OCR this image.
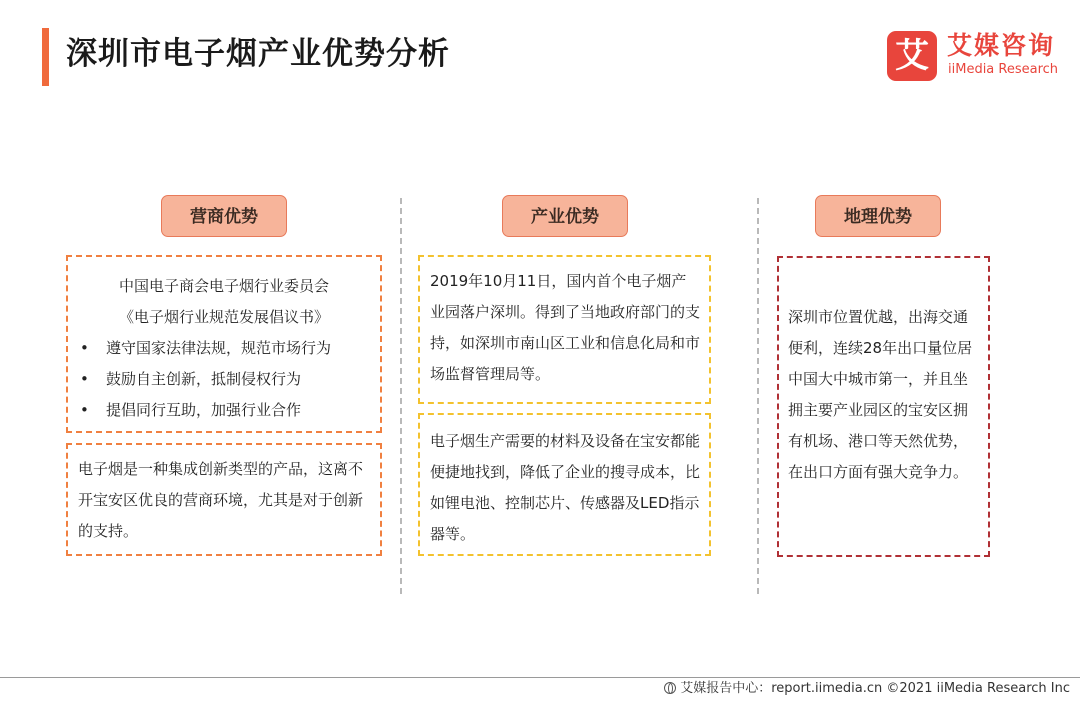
深圳市电子烟产业优势分析	艾 艾媒咨询
iiMedia Research
营商优势	产业优势	地理优势
中国电子商会电子烟行业委员会
《电子烟行业规范发展倡议书》
• 遵守国家法律法规，规范市场行为
• 鼓励自主创新，抵制侵权行为
• 提倡同行互助，加强行业合作
电子烟是一种集成创新类型的产品，这离不开宝安区优良的营商环境，尤其是对于创新的支持。
2019年10月11日，国内首个电子烟产业园落户深圳。得到了当地政府部门的支持，如深圳市南山区工业和信息化局和市场监督管理局等。
电子烟生产需要的材料及设备在宝安都能便捷地找到，降低了企业的搜寻成本，比如锂电池、控制芯片、传感器及LED指示器等。
深圳市位置优越，出海交通便利，连续28年出口量位居中国大中城市第一，并且坐拥主要产业园区的宝安区拥有机场、港口等天然优势，在出口方面有强大竞争力。
艾媒报告中心：report.iimedia.cn ©2021 iiMedia Research Inc
